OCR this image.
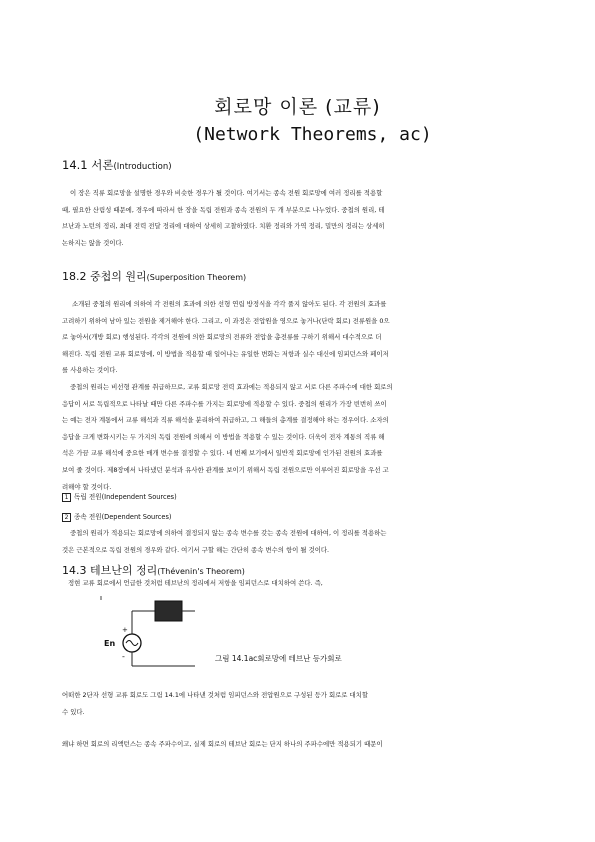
회로망 이론 (교류)
(Network Theorems, ac)
14.1 서론(Introduction)
이 장은 직류 회로망을 설명한 경우와 비슷한 경우가 될 것이다. 여기서는 종속 전원 회로망에 여러 정리를 적용할
때, 필요한 산림성 때문에, 경우에 따라서 한 장을 독립 전원과 종속 전원의 두 개 부분으로 나누었다. 중첩의 원리, 테
브난과 노턴의 정리, 최대 전력 전달 정리에 대하여 상세히 고찰하였다. 치환 정리와 가역 정리, 밀만의 정리는 상세히
논하지는 않을 것이다.
18.2 중첩의 원리(Superposition Theorem)
소개된 중첩의 원리에 의하여 각 전원의 효과에 의한 선형 연립 방정식을 각각 풀지 않아도 된다. 각 전원의 효과를
고려하기 위하여 남아 있는 전원을 제거해야 한다. 그리고, 이 과정은 전압원을 영으로 놓거나(단락 회로) 전류원을 0으
로 놓아서(개방 회로) 행성된다. 각각의 전원에 의한 회로망의 전류와 전압을 총전류를 구하기 위해서 대수적으로 더
해진다. 독립 전원 교류 회로망에, 이 방법을 적용할 때 일어나는 유일한 변화는 저항과 실수 대신에 임피던스와 페이저
를 사용하는 것이다.
중첩의 원리는 비선형 관계를 취급하므로, 교류 회로망 전력 효과에는 적용되지 않고 서로 다른 주파수에 대한 회로의
응답이 서로 독립적으로 나타날 때만 다른 주파수를 가지는 회로망에 적용할 수 있다. 중첩의 원리가 가장 빈번히 쓰이
는 예는 전자 계통에서 교류 해석과 직류 해석을 분리하여 취급하고, 그 해들의 총계를 결정해야 하는 경우이다. 소자의
응답을 크게 변화시키는 두 가지의 독립 전원에 의해서 이 방법을 적용할 수 있는 것이다. 더욱이 전자 계통의 직류 해
석은 가끔 교류 해석에 중요한 매개 변수를 결정할 수 있다. 네 번째 보기에서 일반적 회로망에 인가된 전원의 효과를
보여 줄 것이다. 제8장에서 나타냈던 분석과 유사한 관계를 보이기 위해서 독립 전원으로만 이루어진 회로망을 우선 고
려해야 할 것이다.
1 독립 전원(Independent Sources)
2 종속 전원(Dependent Sources)
중첩의 원리가 적용되는 회로망에 의하여 결정되지 않는 종속 변수를 갖는 종속 전원에 대하여, 이 정리를 적용하는
것은 근본적으로 독립 전원의 경우와 같다. 여기서 구할 해는 간단히 종속 변수의 항이 될 것이다.
14.3 테브난의 정리(Thévenin's Theorem)
정현 교류 회로에서 언급한 것처럼 테브난의 정리에서 저항을 임피던스로 대치하여 쓴다. 즉,
+
-
En
그림 14.1ac회로망에 테브난 등가회로
어떠한 2단자 선형 교류 회로도 그림 14.1에 나타낸 것처럼 임피던스와 전압원으로 구성된 등가 회로로 대치할
수 있다.
왜냐 하면 회로의 리액턴스는 종속 주파수이고, 실제 회로의 테브난 회로는 단지 하나의 주파수에만 적용되기 때문이
